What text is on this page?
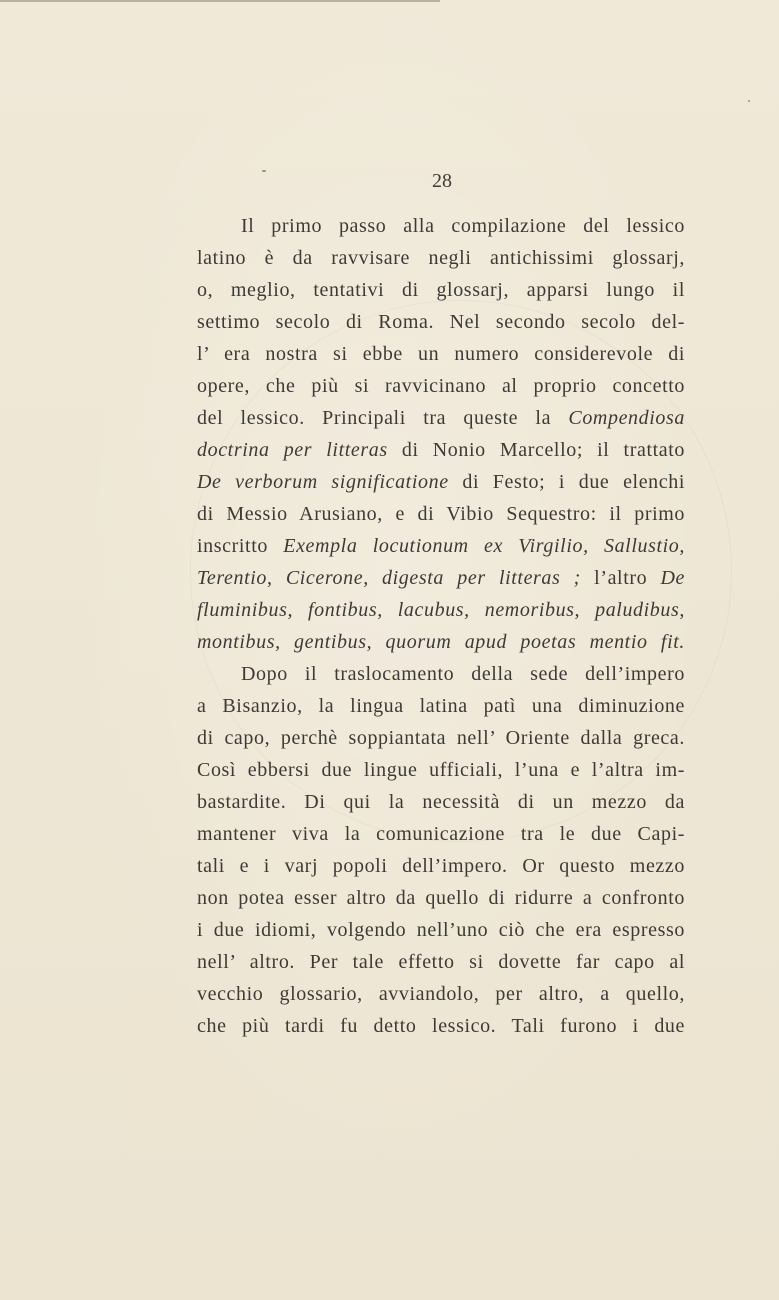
28
Il primo passo alla compilazione del lessico
latino è da ravvisare negli antichissimi glossarj,
o, meglio, tentativi di glossarj, apparsi lungo il
settimo secolo di Roma. Nel secondo secolo del-
l’ era nostra si ebbe un numero considerevole di
opere, che più si ravvicinano al proprio concetto
del lessico. Principali tra queste la Compendiosa
doctrina per litteras di Nonio Marcello; il trattato
De verborum significatione di Festo; i due elenchi
di Messio Arusiano, e di Vibio Sequestro: il primo
inscritto Exempla locutionum ex Virgilio, Sallustio,
Terentio, Cicerone, digesta per litteras ; l’altro De
fluminibus, fontibus, lacubus, nemoribus, paludibus,
montibus, gentibus, quorum apud poetas mentio fit.
Dopo il traslocamento della sede dell’impero
a Bisanzio, la lingua latina patì una diminuzione
di capo, perchè soppiantata nell’ Oriente dalla greca.
Così ebbersi due lingue ufficiali, l’una e l’altra im-
bastardite. Di qui la necessità di un mezzo da
mantener viva la comunicazione tra le due Capi-
tali e i varj popoli dell’impero. Or questo mezzo
non potea esser altro da quello di ridurre a confronto
i due idiomi, volgendo nell’uno ciò che era espresso
nell’ altro. Per tale effetto si dovette far capo al
vecchio glossario, avviandolo, per altro, a quello,
che più tardi fu detto lessico. Tali furono i due
